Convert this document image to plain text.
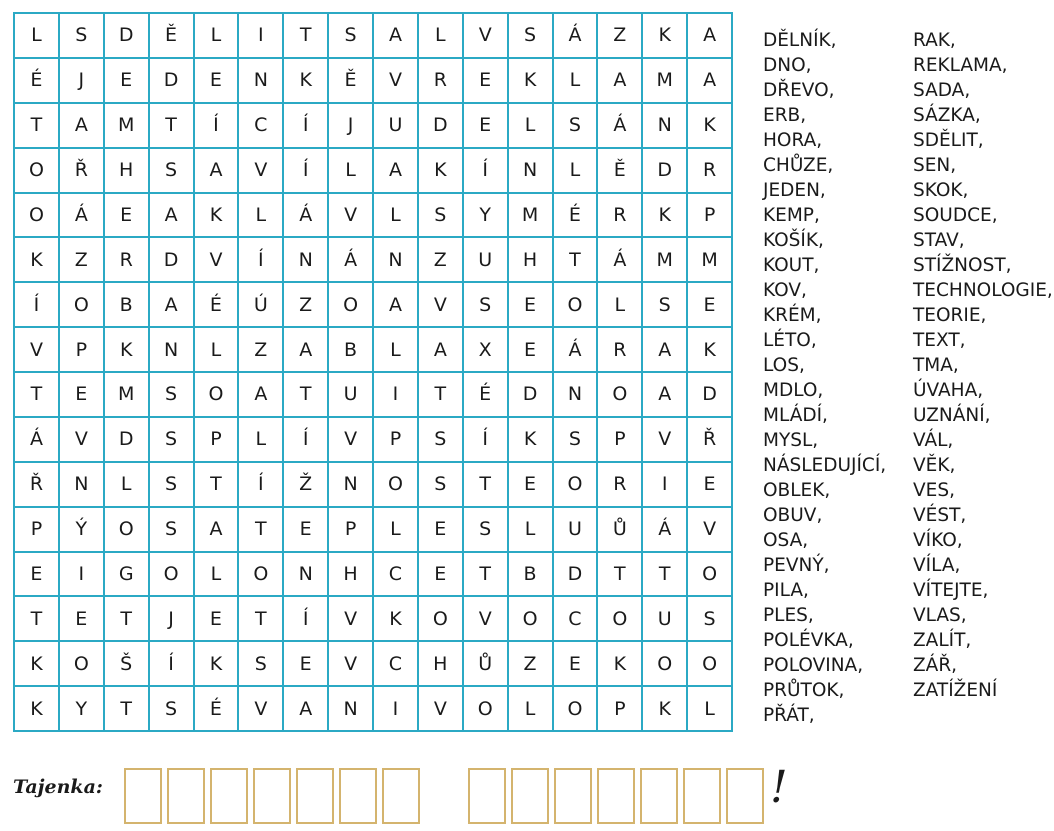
L	S	D	Ě	L	I	T	S	A	L	V	S	Á	Z	K	A
É	J	E	D	E	N	K	Ě	V	R	E	K	L	A	M	A
T	A	M	T	Í	C	Í	J	U	D	E	L	S	Á	N	K
O	Ř	H	S	A	V	Í	L	A	K	Í	N	L	Ě	D	R
O	Á	E	A	K	L	Á	V	L	S	Y	M	É	R	K	P
K	Z	R	D	V	Í	N	Á	N	Z	U	H	T	Á	M	M
Í	O	B	A	É	Ú	Z	O	A	V	S	E	O	L	S	E
V	P	K	N	L	Z	A	B	L	A	X	E	Á	R	A	K
T	E	M	S	O	A	T	U	I	T	É	D	N	O	A	D
Á	V	D	S	P	L	Í	V	P	S	Í	K	S	P	V	Ř
Ř	N	L	S	T	Í	Ž	N	O	S	T	E	O	R	I	E
P	Ý	O	S	A	T	E	P	L	E	S	L	U	Ů	Á	V
E	I	G	O	L	O	N	H	C	E	T	B	D	T	T	O
T	E	T	J	E	T	Í	V	K	O	V	O	C	O	U	S
K	O	Š	Í	K	S	E	V	C	H	Ů	Z	E	K	O	O
K	Y	T	S	É	V	A	N	I	V	O	L	O	P	K	L
DĚLNÍK,
DNO,
DŘEVO,
ERB,
HORA,
CHŮZE,
JEDEN,
KEMP,
KOŠÍK,
KOUT,
KOV,
KRÉM,
LÉTO,
LOS,
MDLO,
MLÁDÍ,
MYSL,
NÁSLEDUJÍCÍ,
OBLEK,
OBUV,
OSA,
PEVNÝ,
PILA,
PLES,
POLÉVKA,
POLOVINA,
PRŮTOK,
PŘÁT,
RAK,
REKLAMA,
SADA,
SÁZKA,
SDĚLIT,
SEN,
SKOK,
SOUDCE,
STAV,
STÍŽNOST,
TECHNOLOGIE,
TEORIE,
TEXT,
TMA,
ÚVAHA,
UZNÁNÍ,
VÁL,
VĚK,
VES,
VÉST,
VÍKO,
VÍLA,
VÍTEJTE,
VLAS,
ZALÍT,
ZÁŘ,
ZATÍŽENÍ
Tajenka:	!
